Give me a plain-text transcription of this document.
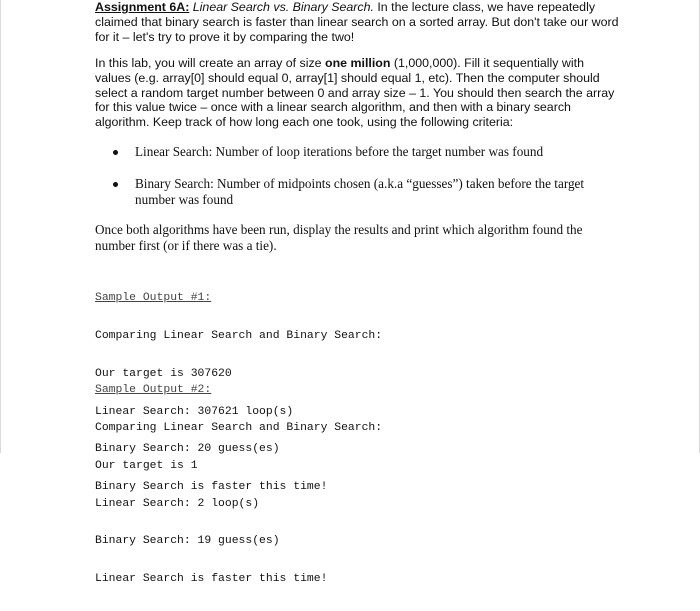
Assignment 6A: Linear Search vs. Binary Search. In the lecture class, we have repeatedly
claimed that binary search is faster than linear search on a sorted array. But don't take our word
for it – let's try to prove it by comparing the two!
In this lab, you will create an array of size one million (1,000,000). Fill it sequentially with
values (e.g. array[0] should equal 0, array[1] should equal 1, etc). Then the computer should
select a random target number between 0 and array size – 1. You should then search the array
for this value twice – once with a linear search algorithm, and then with a binary search
algorithm. Keep track of how long each one took, using the following criteria:
Linear Search: Number of loop iterations before the target number was found
Binary Search: Number of midpoints chosen (a.k.a “guesses”) taken before the target
number was found
Once both algorithms have been run, display the results and print which algorithm found the
number first (or if there was a tie).

Sample Output #1:

Comparing Linear Search and Binary Search:

Our target is 307620

Linear Search: 307621 loop(s)

Binary Search: 20 guess(es)

Binary Search is faster this time!

Sample Output #2:

Comparing Linear Search and Binary Search:

Our target is 1

Linear Search: 2 loop(s)

Binary Search: 19 guess(es)

Linear Search is faster this time!
